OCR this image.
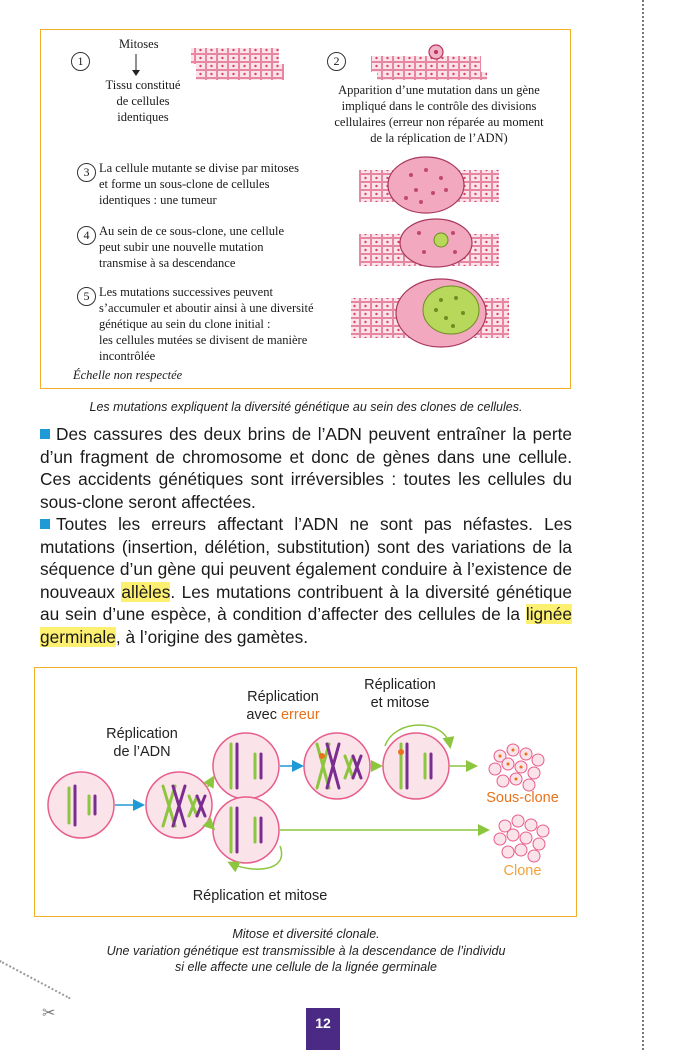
✂
1
Mitoses
Tissu constitué
de cellules
identiques
2
Apparition d’une mutation dans un gène
impliqué dans le contrôle des divisions
cellulaires (erreur non réparée au moment
de la réplication de l’ADN)
3 La cellule mutante se divise par mitoses
et forme un sous-clone de cellules
identiques : une tumeur
4 Au sein de ce sous-clone, une cellule
peut subir une nouvelle mutation
transmise à sa descendance
5 Les mutations successives peuvent
s’accumuler et aboutir ainsi à une diversité
génétique au sein du clone initial :
les cellules mutées se divisent de manière
incontrôlée
Échelle non respectée
Les mutations expliquent la diversité génétique au sein des clones de cellules.
Des cassures des deux brins de l’ADN peuvent entraîner la perte d’un fragment de chromosome et donc de gènes dans une cellule. Ces accidents génétiques sont irréversibles : toutes les cellules du sous-clone seront affectées.
Toutes les erreurs affectant l’ADN ne sont pas néfastes. Les mutations (insertion, délétion, substitution) sont des variations de la séquence d’un gène qui peuvent également conduire à l’existence de nouveaux allèles. Les mutations contribuent à la diversité génétique au sein d’une espèce, à condition d’affecter des cellules de la lignée germinale, à l’origine des gamètes.
Réplication
de l’ADN
Réplication
avec erreur
Réplication
et mitose
Réplication et mitose
Sous-clone
Clone
Mitose et diversité clonale.
Une variation génétique est transmissible à la descendance de l’individu
si elle affecte une cellule de la lignée germinale
12
